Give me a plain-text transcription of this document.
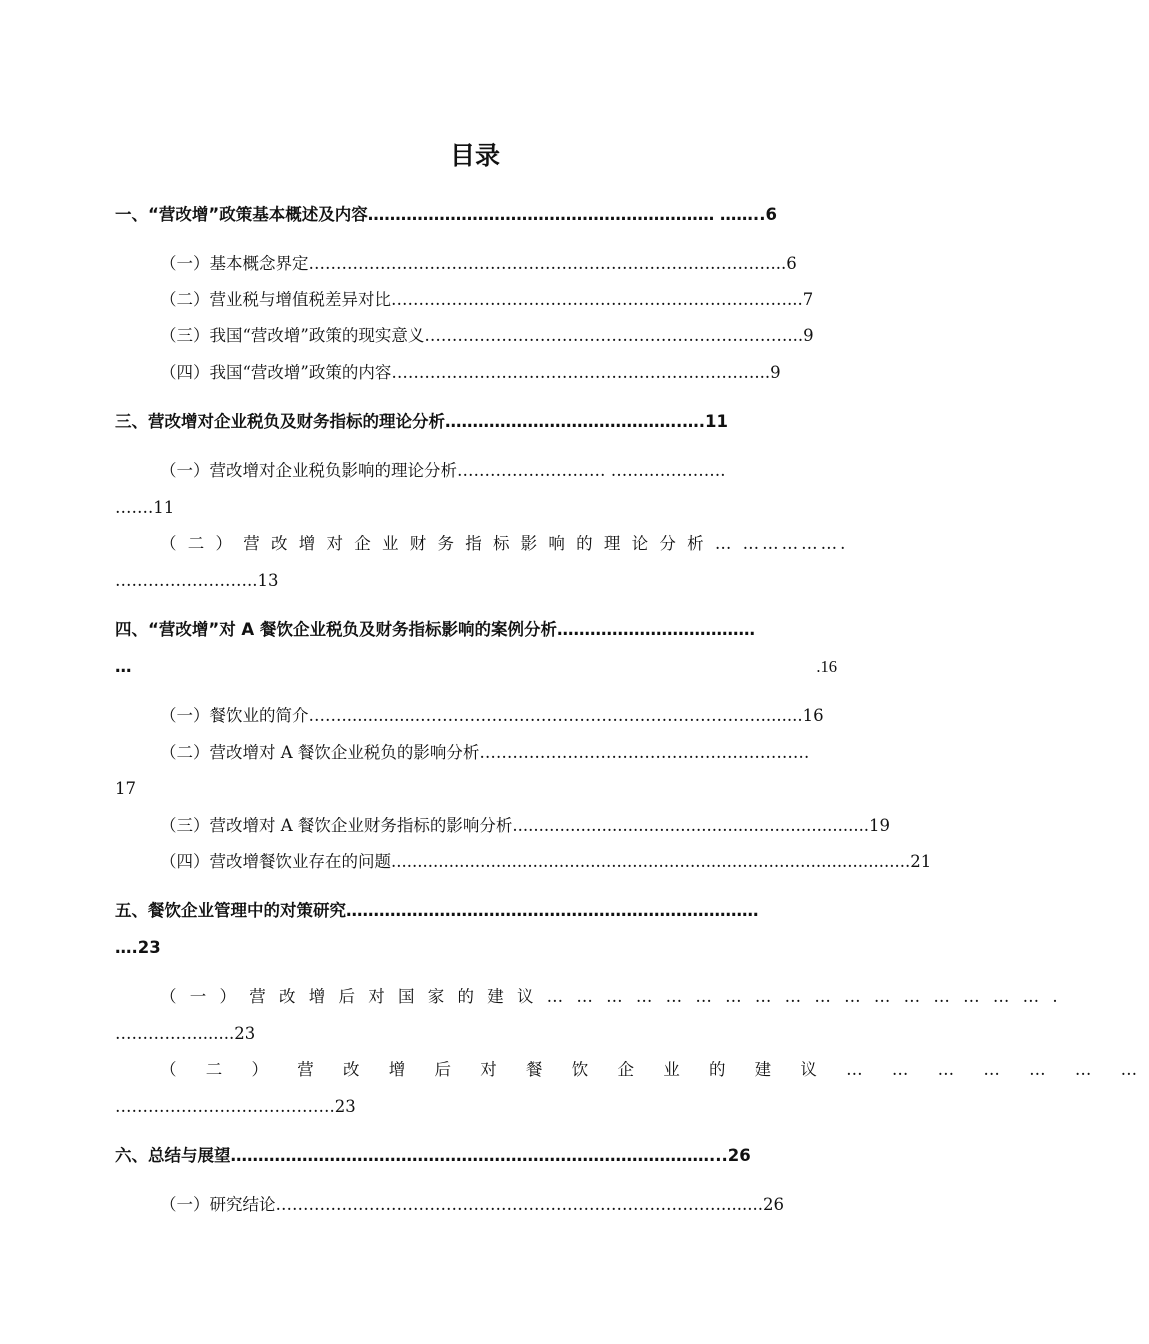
目录
一、“营改增”政策基本概述及内容……………………………………………………… ……..6
（一）基本概念界定…………………………………………………………………………...6
（二）营业税与增值税差异对比………………………………………………………………...7
（三）我国“营改增”政策的现实意义…………………………………………………………...9
（四）我国“营改增”政策的内容…………………………………………………………...9
三、营改增对企业税负及财务指标的理论分析…………………………………….….11
（一）营改增对企业税负影响的理论分析……………………… ……..………….
…….11
（ 二 ） 营 改 增 对 企 业 财 务 指 标 影 响 的 理 论 分 析 … …………….
……………………..13
四、“营改增”对 A 餐饮企业税负及财务指标影响的案例分析………………………………
…	.16
（一）餐饮业的简介……...............……………….………………….…………………........16
（二）营改增对 A 餐饮企业税负的影响分析……………………………………………………
17
（三）营改增对 A 餐饮企业财务指标的影响分析....................................................................19
（四）营改增餐饮业存在的问题...................................................................................................21
五、餐饮企业管理中的对策研究…………………………………………………………………
….23
（ 一 ） 营 改 增 后 对 国 家 的 建 议 … … … … … … … … … … … … … … … … … .
…………….......23
（ 二 ） 营 改 增 后 对 餐 饮 企 业 的 建 议 … … … … … … …
………………………………….23
六、总结与展望……………………………………………………………………………...26
（一）研究结论………………………………………………………………………........26
